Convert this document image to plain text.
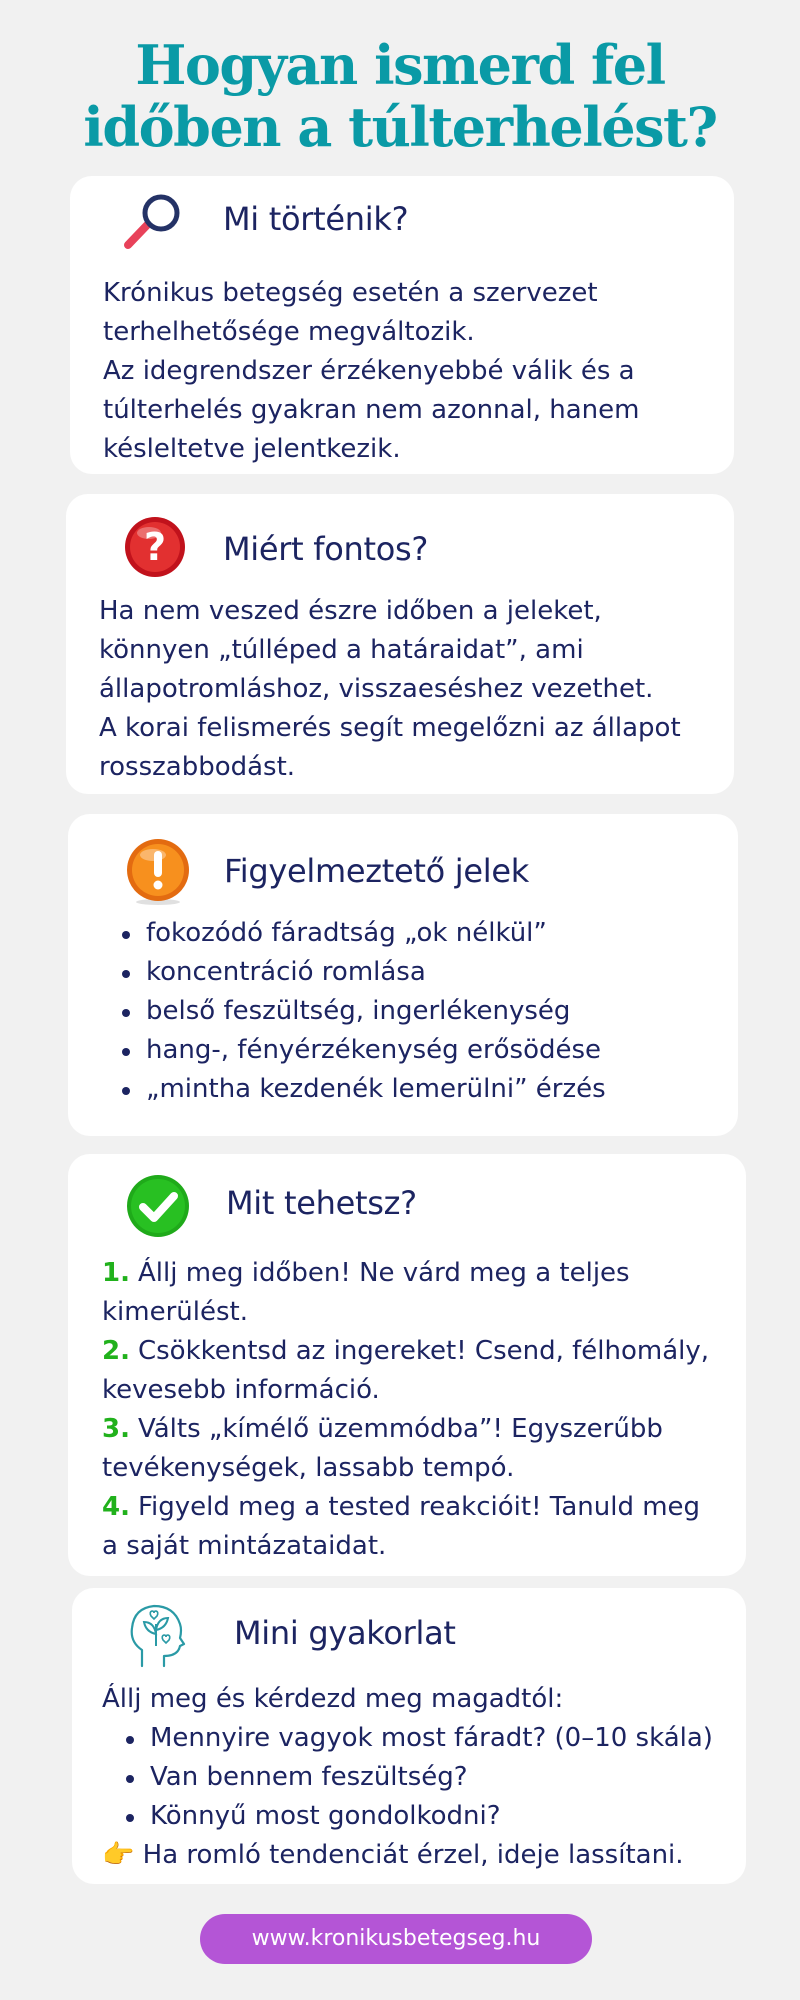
Hogyan ismerd fel
időben a túlterhelést?
Mi történik?

Krónikus betegség esetén a szervezet terhelhetősége megváltozik.

Az idegrendszer érzékenyebbé válik és a túlterhelés gyakran nem azonnal, hanem késleltetve jelentkezik.

? Miért fontos?

Ha nem veszed észre időben a jeleket, könnyen „túlléped a határaidat”, ami állapotromláshoz, visszaeséshez vezethet.

A korai felismerés segít megelőzni az állapot rosszabbodást.

Figyelmeztető jelek
fokozódó fáradtság „ok nélkül”
koncentráció romlása
belső feszültség, ingerlékenység
hang-, fényérzékenység erősödése
„mintha kezdenék lemerülni” érzés
Mit tehetsz?
1. Állj meg időben! Ne várd meg a teljes kimerülést.
2. Csökkentsd az ingereket! Csend, félhomály, kevesebb információ.
3. Válts „kímélő üzemmódba”! Egyszerűbb tevékenységek, lassabb tempó.
4. Figyeld meg a tested reakcióit! Tanuld meg a saját mintázataidat.
Mini gyakorlat

Állj meg és kérdezd meg magadtól:

Mennyire vagyok most fáradt? (0–10 skála)
Van bennem feszültség?
Könnyű most gondolkodni?

👉 Ha romló tendenciát érzel, ideje lassítani.

www.kronikusbetegseg.hu
